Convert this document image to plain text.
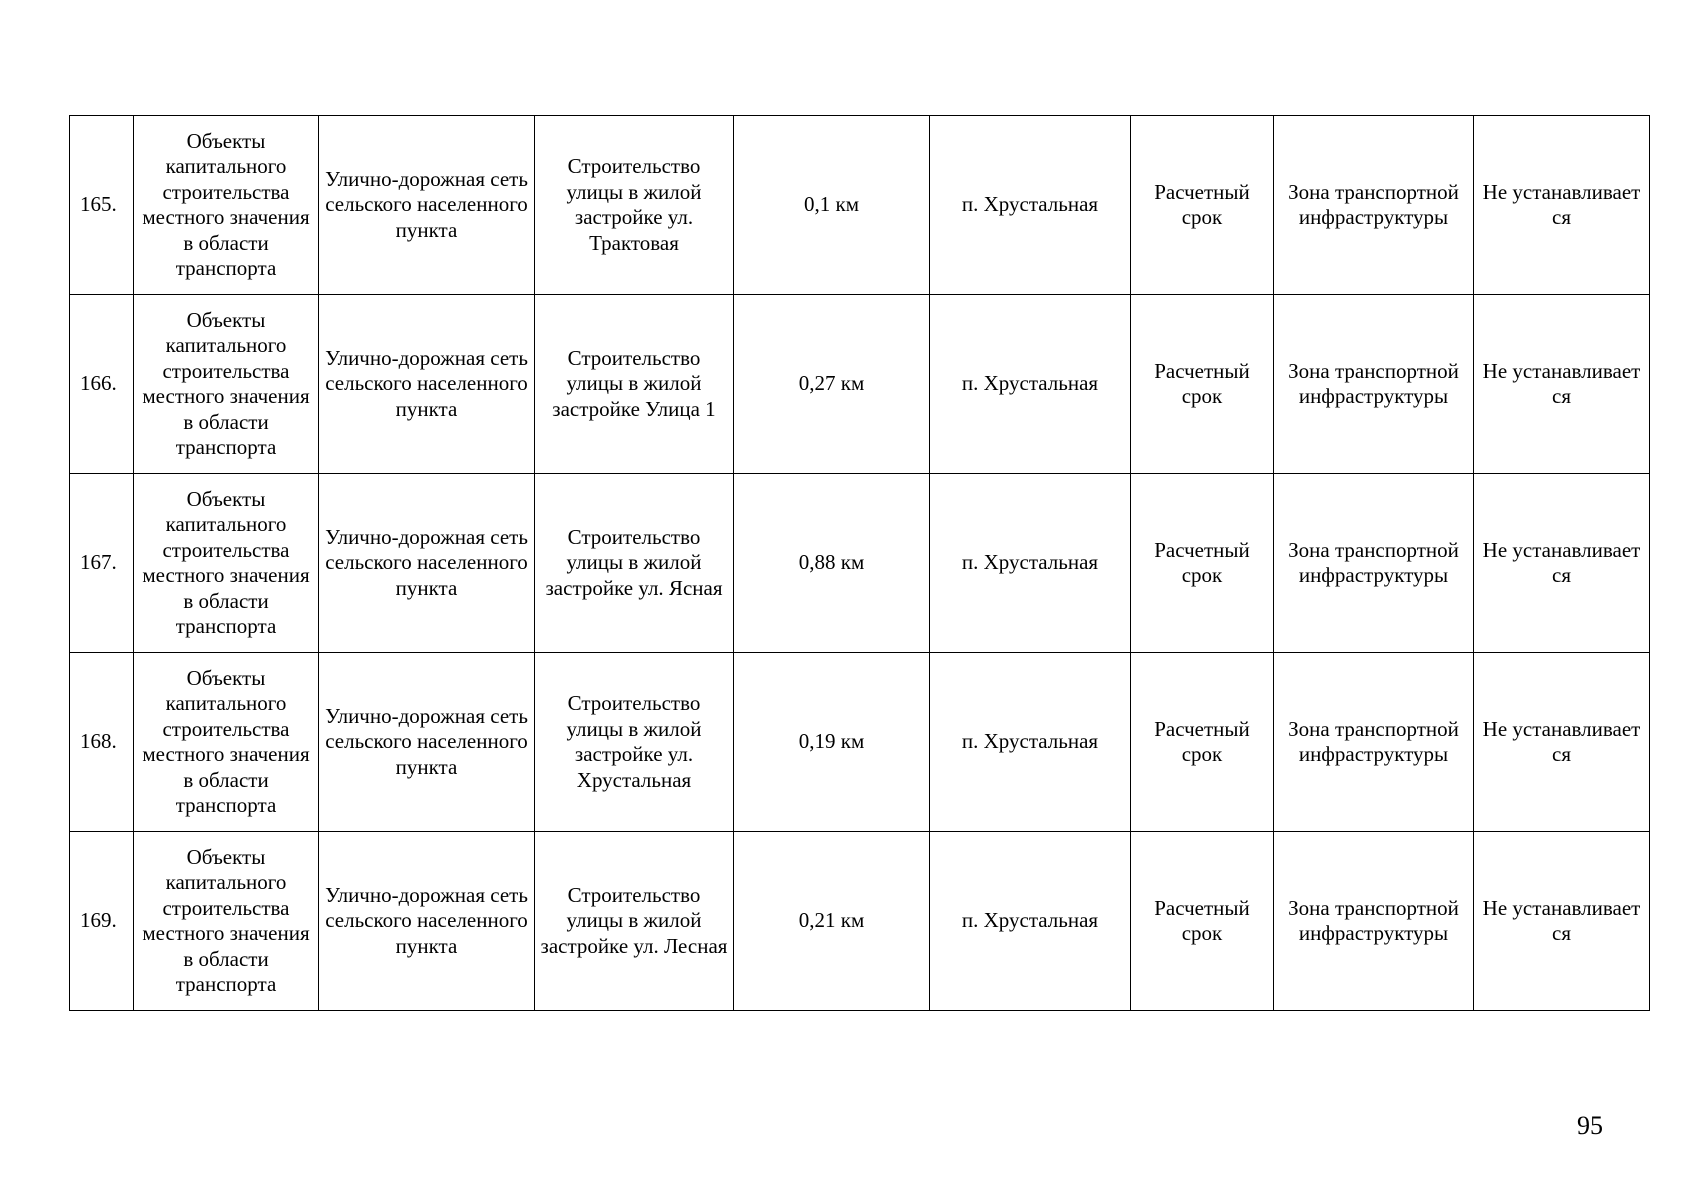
165.	Объекты капитального строительства местного значения в области транспорта	Улично-дорожная сеть сельского населенного пункта	Строительство улицы в жилой застройке ул. Трактовая	0,1 км	п. Хрустальная	Расчетный срок	Зона транспортной инфраструктуры	Не устанавливается
166.	Объекты капитального строительства местного значения в области транспорта	Улично-дорожная сеть сельского населенного пункта	Строительство улицы в жилой застройке Улица 1	0,27 км	п. Хрустальная	Расчетный срок	Зона транспортной инфраструктуры	Не устанавливается
167.	Объекты капитального строительства местного значения в области транспорта	Улично-дорожная сеть сельского населенного пункта	Строительство улицы в жилой застройке ул. Ясная	0,88 км	п. Хрустальная	Расчетный срок	Зона транспортной инфраструктуры	Не устанавливается
168.	Объекты капитального строительства местного значения в области транспорта	Улично-дорожная сеть сельского населенного пункта	Строительство улицы в жилой застройке ул. Хрустальная	0,19 км	п. Хрустальная	Расчетный срок	Зона транспортной инфраструктуры	Не устанавливается
169.	Объекты капитального строительства местного значения в области транспорта	Улично-дорожная сеть сельского населенного пункта	Строительство улицы в жилой застройке ул. Лесная	0,21 км	п. Хрустальная	Расчетный срок	Зона транспортной инфраструктуры	Не устанавливается
95
